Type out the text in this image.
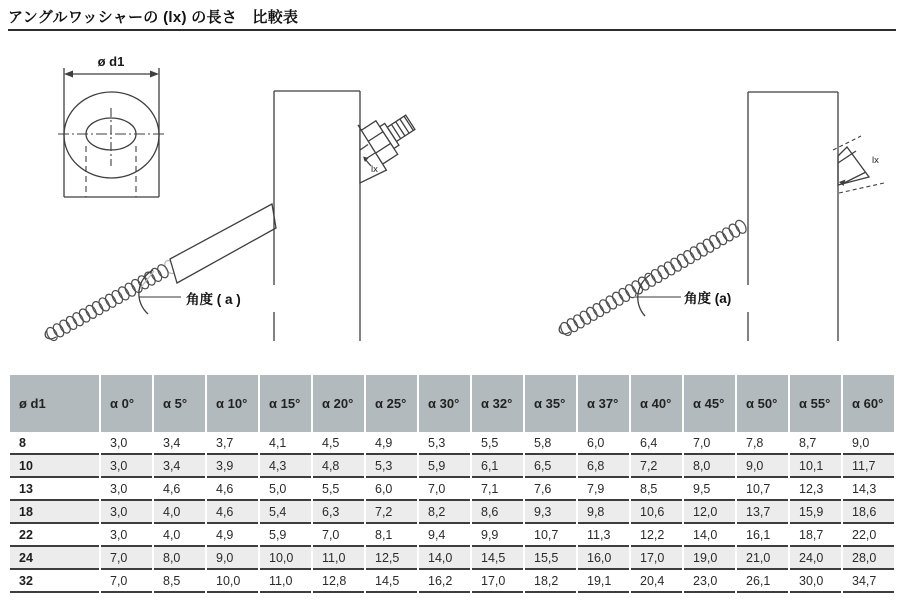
アングルワッシャーの (lx) の長さ　比較表
ø d1
lx
角度 ( a )
lx
角度 (a)
ø d1	α 0°	α 5°	α 10°	α 15°	α 20°	α 25°	α 30°	α 32°	α 35°	α 37°	α 40°	α 45°	α 50°	α 55°	α 60°
8	3,0	3,4	3,7	4,1	4,5	4,9	5,3	5,5	5,8	6,0	6,4	7,0	7,8	8,7	9,0
10	3,0	3,4	3,9	4,3	4,8	5,3	5,9	6,1	6,5	6,8	7,2	8,0	9,0	10,1	11,7
13	3,0	4,6	4,6	5,0	5,5	6,0	7,0	7,1	7,6	7,9	8,5	9,5	10,7	12,3	14,3
18	3,0	4,0	4,6	5,4	6,3	7,2	8,2	8,6	9,3	9,8	10,6	12,0	13,7	15,9	18,6
22	3,0	4,0	4,9	5,9	7,0	8,1	9,4	9,9	10,7	11,3	12,2	14,0	16,1	18,7	22,0
24	7,0	8,0	9,0	10,0	11,0	12,5	14,0	14,5	15,5	16,0	17,0	19,0	21,0	24,0	28,0
32	7,0	8,5	10,0	11,0	12,8	14,5	16,2	17,0	18,2	19,1	20,4	23,0	26,1	30,0	34,7
